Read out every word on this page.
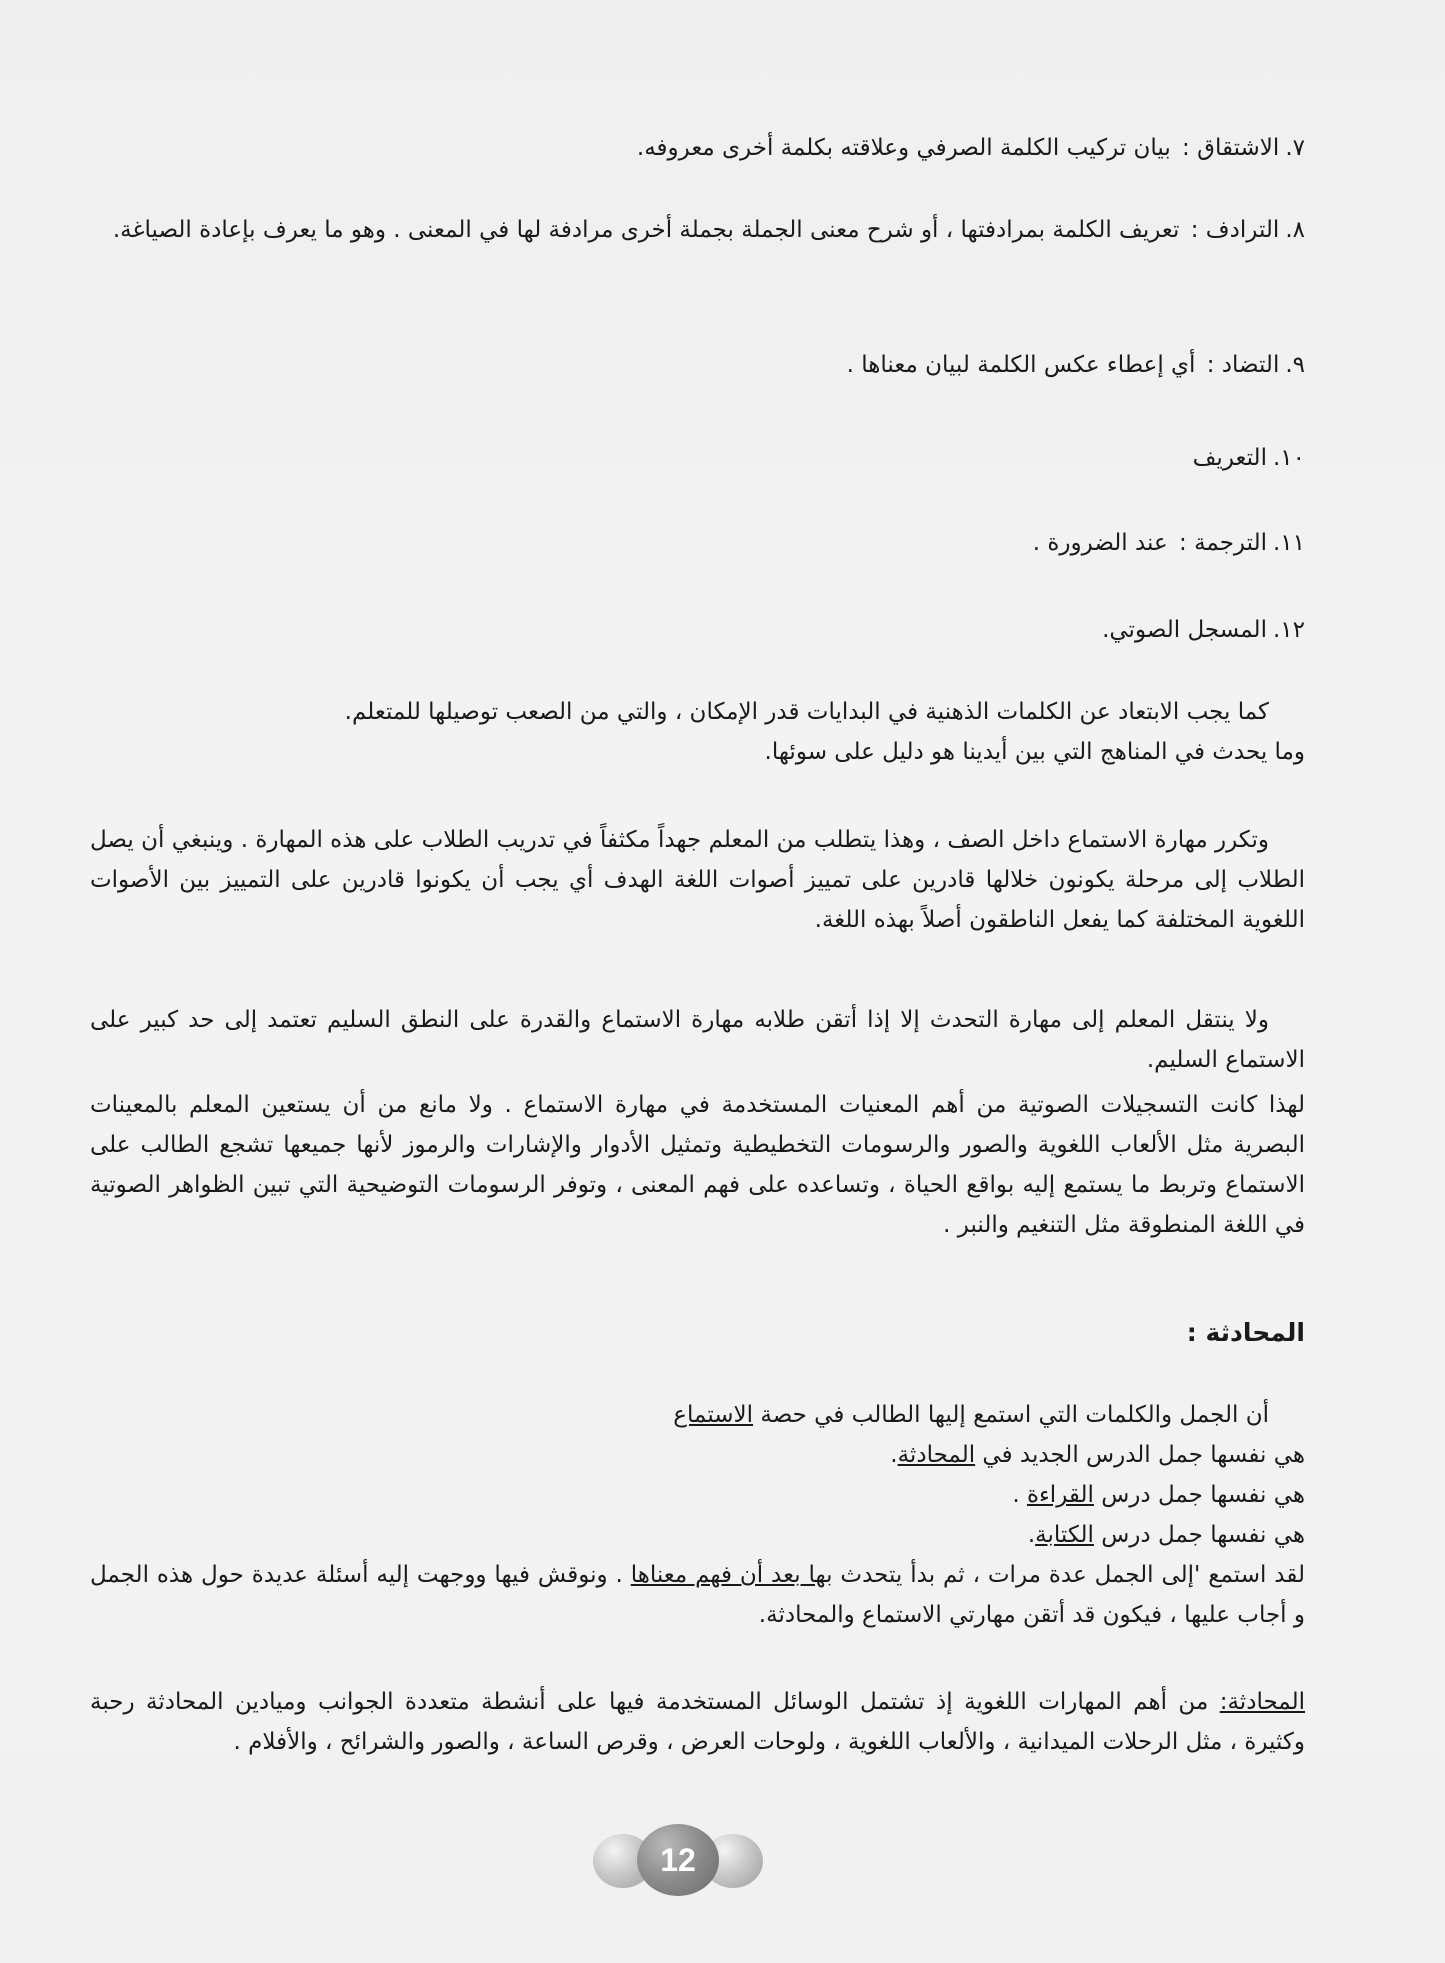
٧.الاشتقاق : بيان تركيب الكلمة الصرفي وعلاقته بكلمة أخرى معروفه.
٨.الترادف : تعريف الكلمة بمرادفتها ، أو شرح معنى الجملة بجملة أخرى مرادفة لها في المعنى . وهو ما يعرف بإعادة الصياغة.
٩.التضاد : أي إعطاء عكس الكلمة لبيان معناها .
١٠.التعريف
١١.الترجمة : عند الضرورة .
١٢.المسجل الصوتي.
كما يجب الابتعاد عن الكلمات الذهنية في البدايات قدر الإمكان ، والتي من الصعب توصيلها للمتعلم.
وما يحدث في المناهج التي بين أيدينا هو دليل على سوئها.
وتكرر مهارة الاستماع داخل الصف ، وهذا يتطلب من المعلم جهداً مكثفاً في تدريب الطلاب على هذه المهارة . وينبغي أن يصل الطلاب إلى مرحلة يكونون خلالها قادرين على تمييز أصوات اللغة الهدف أي يجب أن يكونوا قادرين على التمييز بين الأصوات اللغوية المختلفة كما يفعل الناطقون أصلاً بهذه اللغة.
ولا ينتقل المعلم إلى مهارة التحدث إلا إذا أتقن طلابه مهارة الاستماع والقدرة على النطق السليم تعتمد إلى حد كبير على الاستماع السليم.
لهذا كانت التسجيلات الصوتية من أهم المعنيات المستخدمة في مهارة الاستماع . ولا مانع من أن يستعين المعلم بالمعينات البصرية مثل الألعاب اللغوية والصور والرسومات التخطيطية وتمثيل الأدوار والإشارات والرموز لأنها جميعها تشجع الطالب على الاستماع وتربط ما يستمع إليه بواقع الحياة ، وتساعده على فهم المعنى ، وتوفر الرسومات التوضيحية التي تبين الظواهر الصوتية في اللغة المنطوقة مثل التنغيم والنبر .
المحادثة :
أن الجمل والكلمات التي استمع إليها الطالب في حصة الاستماع
هي نفسها جمل الدرس الجديد في المحادثة.
هي نفسها جمل درس القراءة .
هي نفسها جمل درس الكتابة.
لقد استمع 'إلى الجمل عدة مرات ، ثم بدأ يتحدث بها بعد أن فهم معناها . ونوقش فيها ووجهت إليه أسئلة عديدة حول هذه الجمل و أجاب عليها ، فيكون قد أتقن مهارتي الاستماع والمحادثة.
المحادثة: من أهم المهارات اللغوية إذ تشتمل الوسائل المستخدمة فيها على أنشطة متعددة الجوانب وميادين المحادثة رحبة وكثيرة ، مثل الرحلات الميدانية ، والألعاب اللغوية ، ولوحات العرض ، وقرص الساعة ، والصور والشرائح ، والأفلام .
12
